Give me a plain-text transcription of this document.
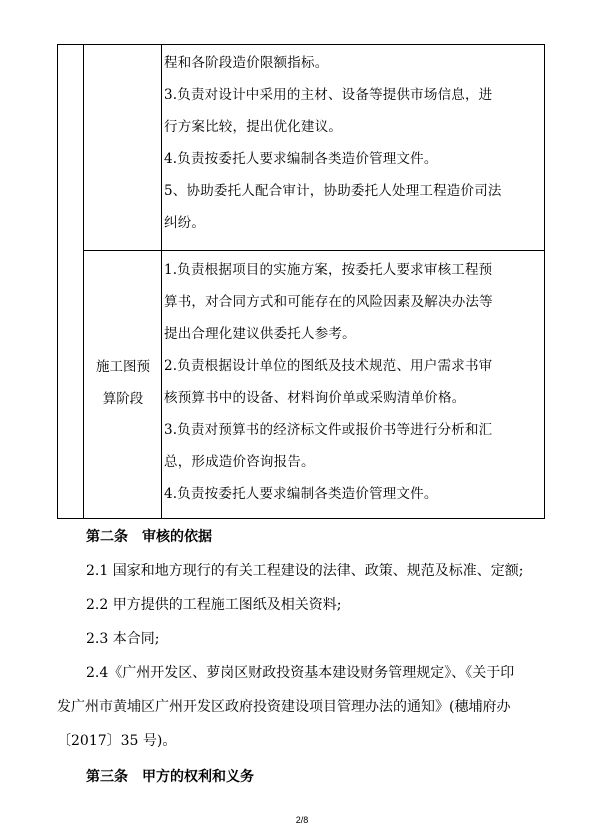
程和各阶段造价限额指标。

3.负责对设计中采用的主材、设备等提供市场信息，进

行方案比较，提出优化建议。

4.负责按委托人要求编制各类造价管理文件。

5、协助委托人配合审计，协助委托人处理工程造价司法

纠纷。

施工图预
算阶段

1.负责根据项目的实施方案，按委托人要求审核工程预

算书，对合同方式和可能存在的风险因素及解决办法等

提出合理化建议供委托人参考。

2.负责根据设计单位的图纸及技术规范、用户需求书审

核预算书中的设备、材料询价单或采购清单价格。

3.负责对预算书的经济标文件或报价书等进行分析和汇

总，形成造价咨询报告。

4.负责按委托人要求编制各类造价管理文件。

第二条　审核的依据

2.1 国家和地方现行的有关工程建设的法律、政策、规范及标准、定额;

2.2 甲方提供的工程施工图纸及相关资料;

2.3 本合同;

2.4《广州开发区、萝岗区财政投资基本建设财务管理规定》、《关于印

发广州市黄埔区广州开发区政府投资建设项目管理办法的通知》(穗埔府办

〔2017〕35 号)。

第三条　甲方的权利和义务

2/8
